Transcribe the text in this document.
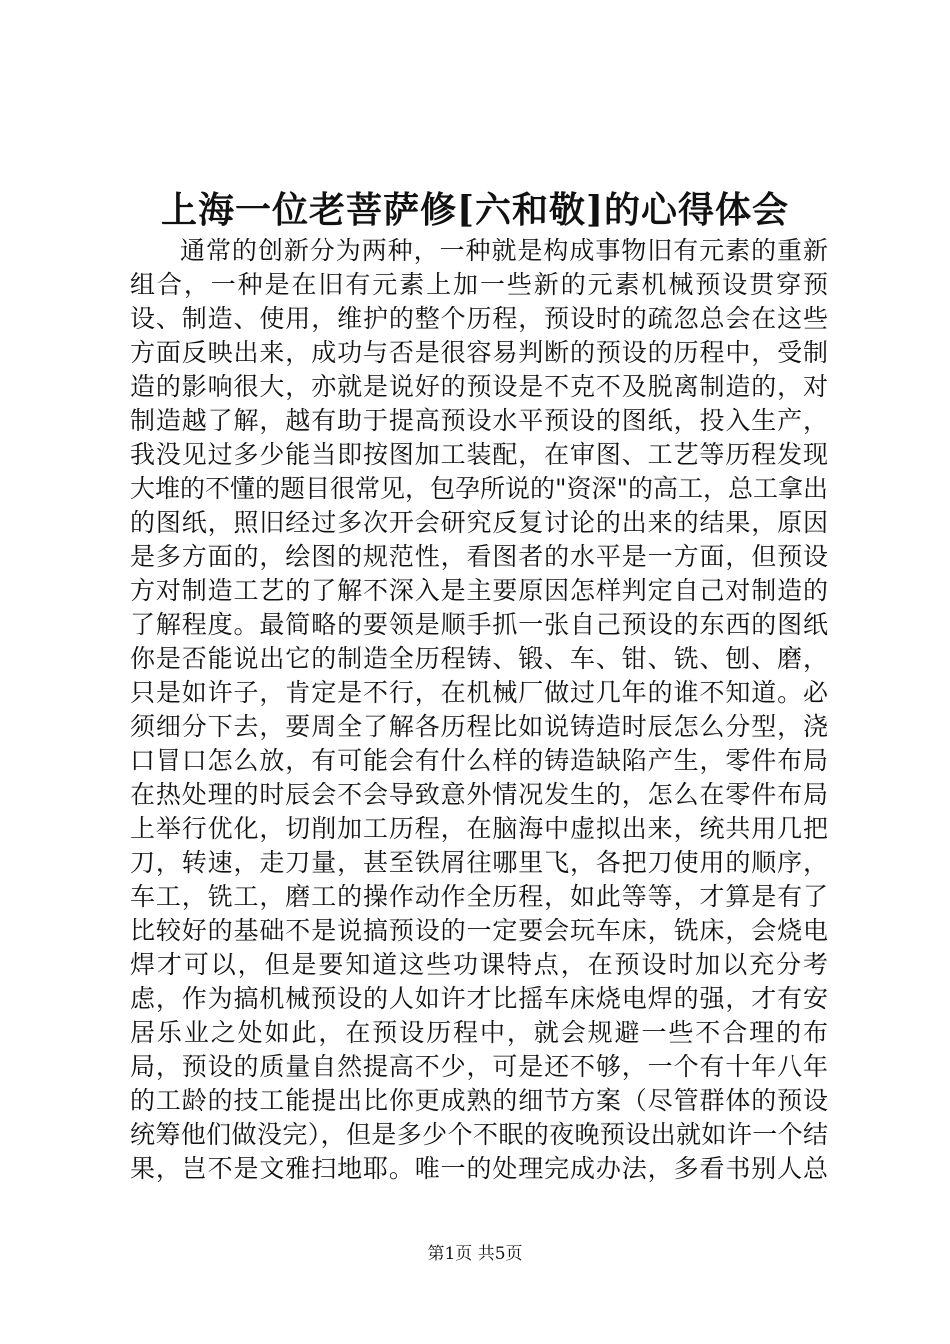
上海一位老菩萨修[六和敬]的心得体会

通常的创新分为两种，一种就是构成事物旧有元素的重新组合，一种是在旧有元素上加一些新的元素机械预设贯穿预设、制造、使用，维护的整个历程，预设时的疏忽总会在这些方面反映出来，成功与否是很容易判断的预设的历程中，受制造的影响很大，亦就是说好的预设是不克不及脱离制造的，对制造越了解，越有助于提高预设水平预设的图纸，投入生产，我没见过多少能当即按图加工装配，在审图、工艺等历程发现大堆的不懂的题目很常见，包孕所说的"资深"的高工，总工拿出的图纸，照旧经过多次开会研究反复讨论的出来的结果，原因是多方面的，绘图的规范性，看图者的水平是一方面，但预设方对制造工艺的了解不深入是主要原因怎样判定自己对制造的了解程度。最简略的要领是顺手抓一张自己预设的东西的图纸你是否能说出它的制造全历程铸、锻、车、钳、铣、刨、磨，只是如许子，肯定是不行，在机械厂做过几年的谁不知道。必须细分下去，要周全了解各历程比如说铸造时辰怎么分型，浇口冒口怎么放，有可能会有什么样的铸造缺陷产生，零件布局在热处理的时辰会不会导致意外情况发生的，怎么在零件布局上举行优化，切削加工历程，在脑海中虚拟出来，统共用几把刀，转速，走刀量，甚至铁屑往哪里飞，各把刀使用的顺序，车工，铣工，磨工的操作动作全历程，如此等等，才算是有了比较好的基础不是说搞预设的一定要会玩车床，铣床，会烧电焊才可以，但是要知道这些功课特点，在预设时加以充分考虑，作为搞机械预设的人如许才比摇车床烧电焊的强，才有安居乐业之处如此，在预设历程中，就会规避一些不合理的布局，预设的质量自然提高不少，可是还不够，一个有十年八年的工龄的技工能提出比你更成熟的细节方案（尽管群体的预设统筹他们做没完），但是多少个不眠的夜晚预设出就如许一个结果，岂不是文雅扫地耶。唯一的处理完成办法，多看书别人总

第1页 共5页
